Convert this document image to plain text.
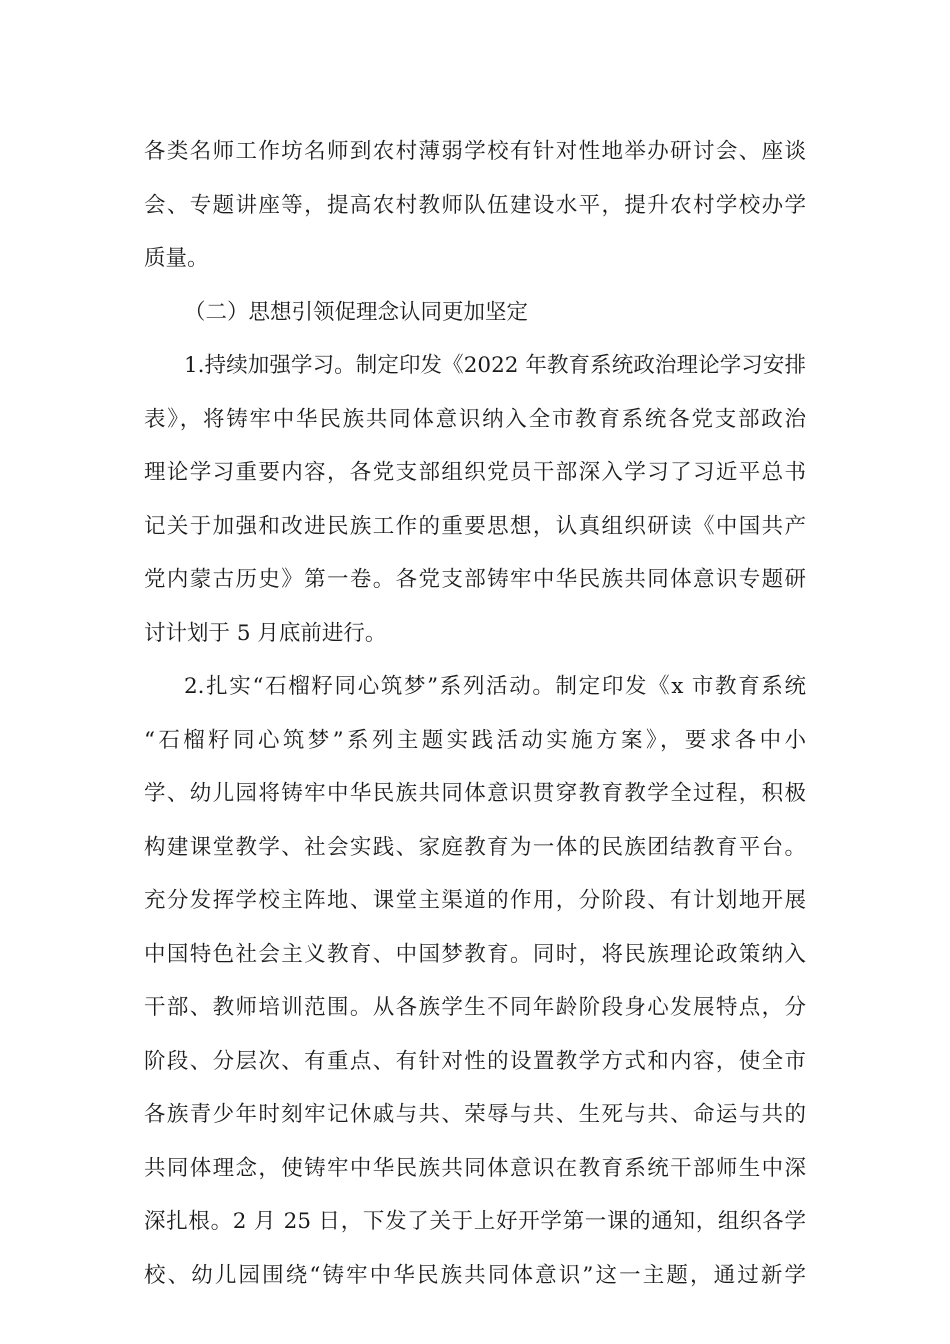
各类名师工作坊名师到农村薄弱学校有针对性地举办研讨会、座谈
会、专题讲座等，提高农村教师队伍建设水平，提升农村学校办学
质量。
（二）思想引领促理念认同更加坚定
1.持续加强学习。制定印发《2022 年教育系统政治理论学习安排
表》，将铸牢中华民族共同体意识纳入全市教育系统各党支部政治
理论学习重要内容，各党支部组织党员干部深入学习了习近平总书
记关于加强和改进民族工作的重要思想，认真组织研读《中国共产
党内蒙古历史》第一卷。各党支部铸牢中华民族共同体意识专题研
讨计划于 5 月底前进行。
2.扎实“石榴籽同心筑梦”系列活动。制定印发《x 市教育系统
“石榴籽同心筑梦”系列主题实践活动实施方案》，要求各中小
学、幼儿园将铸牢中华民族共同体意识贯穿教育教学全过程，积极
构建课堂教学、社会实践、家庭教育为一体的民族团结教育平台。
充分发挥学校主阵地、课堂主渠道的作用，分阶段、有计划地开展
中国特色社会主义教育、中国梦教育。同时，将民族理论政策纳入
干部、教师培训范围。从各族学生不同年龄阶段身心发展特点，分
阶段、分层次、有重点、有针对性的设置教学方式和内容，使全市
各族青少年时刻牢记休戚与共、荣辱与共、生死与共、命运与共的
共同体理念，使铸牢中华民族共同体意识在教育系统干部师生中深
深扎根。2 月 25 日，下发了关于上好开学第一课的通知，组织各学
校、幼儿园围绕“铸牢中华民族共同体意识”这一主题，通过新学
